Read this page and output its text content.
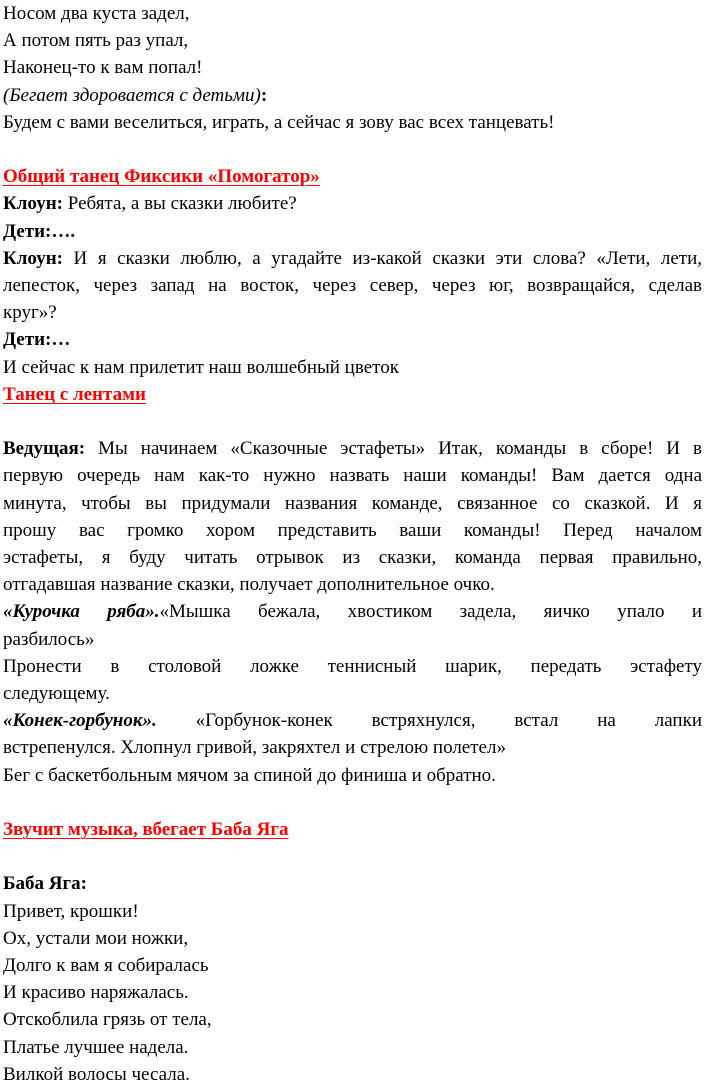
Носом два куста задел,

А потом пять раз упал,

Наконец-то к вам попал!

(Бегает здоровается с детьми):

Будем с вами веселиться, играть, а сейчас я зову вас всех танцевать!

Общий танец Фиксики «Помогатор»

Клоун: Ребята, а вы сказки любите?

Дети:….

Клоун: И я сказки люблю, а угадайте из-какой сказки эти слова? «Лети, лети,

лепесток, через запад на восток, через север, через юг, возвращайся, сделав

круг»?

Дети:…

И сейчас к нам прилетит наш волшебный цветок

Танец с лентами

Ведущая: Мы начинаем «Сказочные эстафеты» Итак, команды в сборе! И в

первую очередь нам как-то нужно назвать наши команды! Вам дается одна

минута, чтобы вы придумали названия команде, связанное со сказкой. И я

прошу вас громко хором представить ваши команды! Перед началом

эстафеты, я буду читать отрывок из сказки, команда первая правильно,

отгадавшая название сказки, получает дополнительное очко.

«Курочка ряба».«Мышка бежала, хвостиком задела, яичко упало и

разбилось»

Пронести в столовой ложке теннисный шарик, передать эстафету

следующему.

«Конек-горбунок». «Горбунок-конек встряхнулся, встал на лапки

встрепенулся. Хлопнул гривой, закряхтел и стрелою полетел»

Бег с баскетбольным мячом за спиной до финиша и обратно.

Звучит музыка, вбегает Баба Яга

Баба Яга:

Привет, крошки!

Ох, устали мои ножки,

Долго к вам я собиралась

И красиво наряжалась.

Отскоблила грязь от тела,

Платье лучшее надела.

Вилкой волосы чесала.
